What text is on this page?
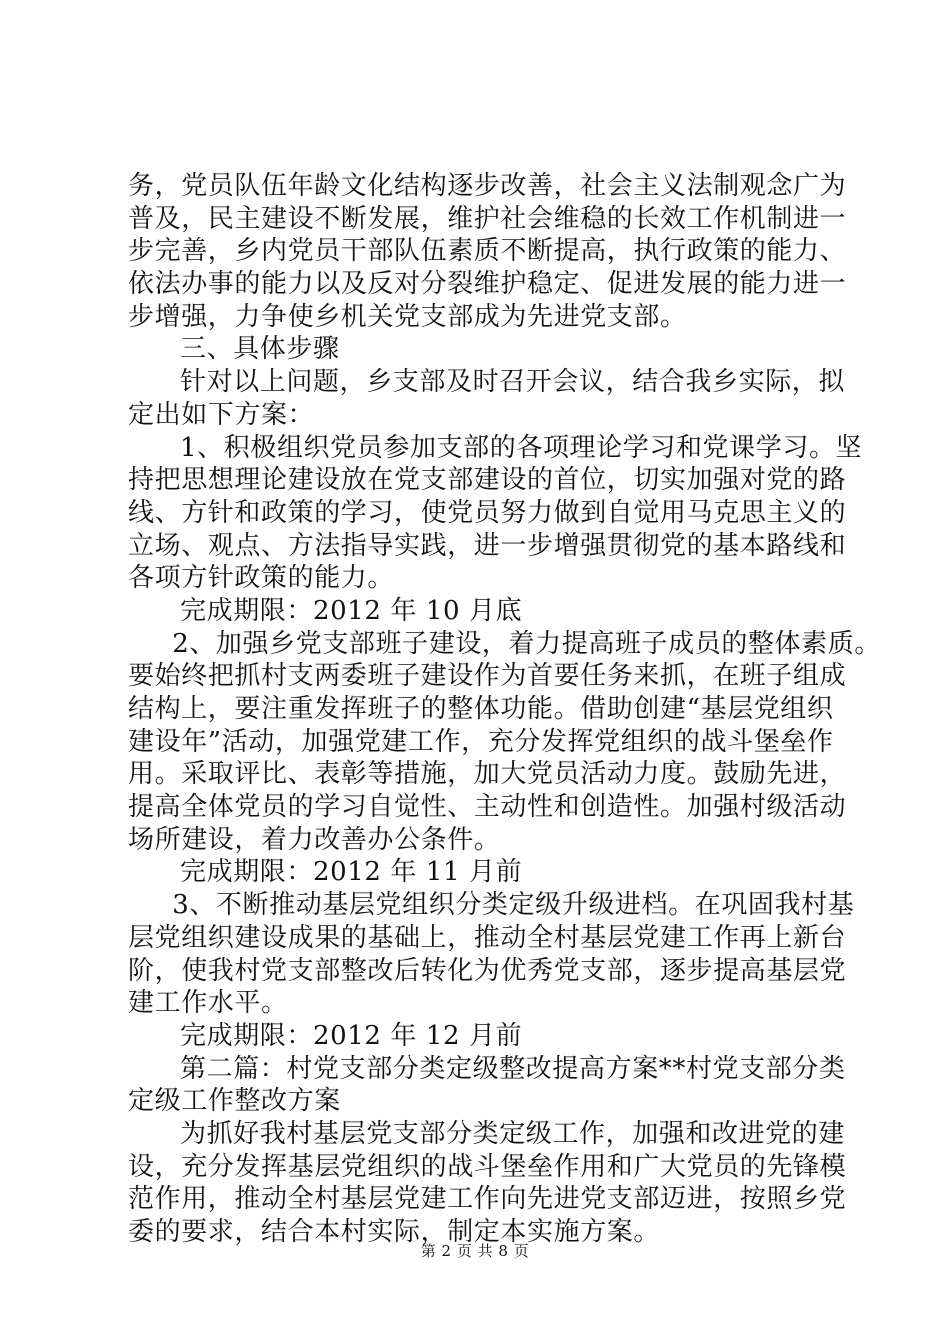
务，党员队伍年龄文化结构逐步改善，社会主义法制观念广为
普及，民主建设不断发展，维护社会维稳的长效工作机制进一
步完善，乡内党员干部队伍素质不断提高，执行政策的能力、
依法办事的能力以及反对分裂维护稳定、促进发展的能力进一
步增强，力争使乡机关党支部成为先进党支部。
三、具体步骤
针对以上问题，乡支部及时召开会议，结合我乡实际，拟
定出如下方案：
1、积极组织党员参加支部的各项理论学习和党课学习。坚
持把思想理论建设放在党支部建设的首位，切实加强对党的路
线、方针和政策的学习，使党员努力做到自觉用马克思主义的
立场、观点、方法指导实践，进一步增强贯彻党的基本路线和
各项方针政策的能力。
完成期限：2012 年 10 月底
2、加强乡党支部班子建设，着力提高班子成员的整体素质。
要始终把抓村支两委班子建设作为首要任务来抓，在班子组成
结构上，要注重发挥班子的整体功能。借助创建“基层党组织
建设年”活动，加强党建工作，充分发挥党组织的战斗堡垒作
用。采取评比、表彰等措施，加大党员活动力度。鼓励先进，
提高全体党员的学习自觉性、主动性和创造性。加强村级活动
场所建设，着力改善办公条件。
完成期限：2012 年 11 月前
3、不断推动基层党组织分类定级升级进档。在巩固我村基
层党组织建设成果的基础上，推动全村基层党建工作再上新台
阶，使我村党支部整改后转化为优秀党支部，逐步提高基层党
建工作水平。
完成期限：2012 年 12 月前
第二篇：村党支部分类定级整改提高方案**村党支部分类
定级工作整改方案
为抓好我村基层党支部分类定级工作，加强和改进党的建
设，充分发挥基层党组织的战斗堡垒作用和广大党员的先锋模
范作用，推动全村基层党建工作向先进党支部迈进，按照乡党
委的要求，结合本村实际，制定本实施方案。
第 2 页 共 8 页
